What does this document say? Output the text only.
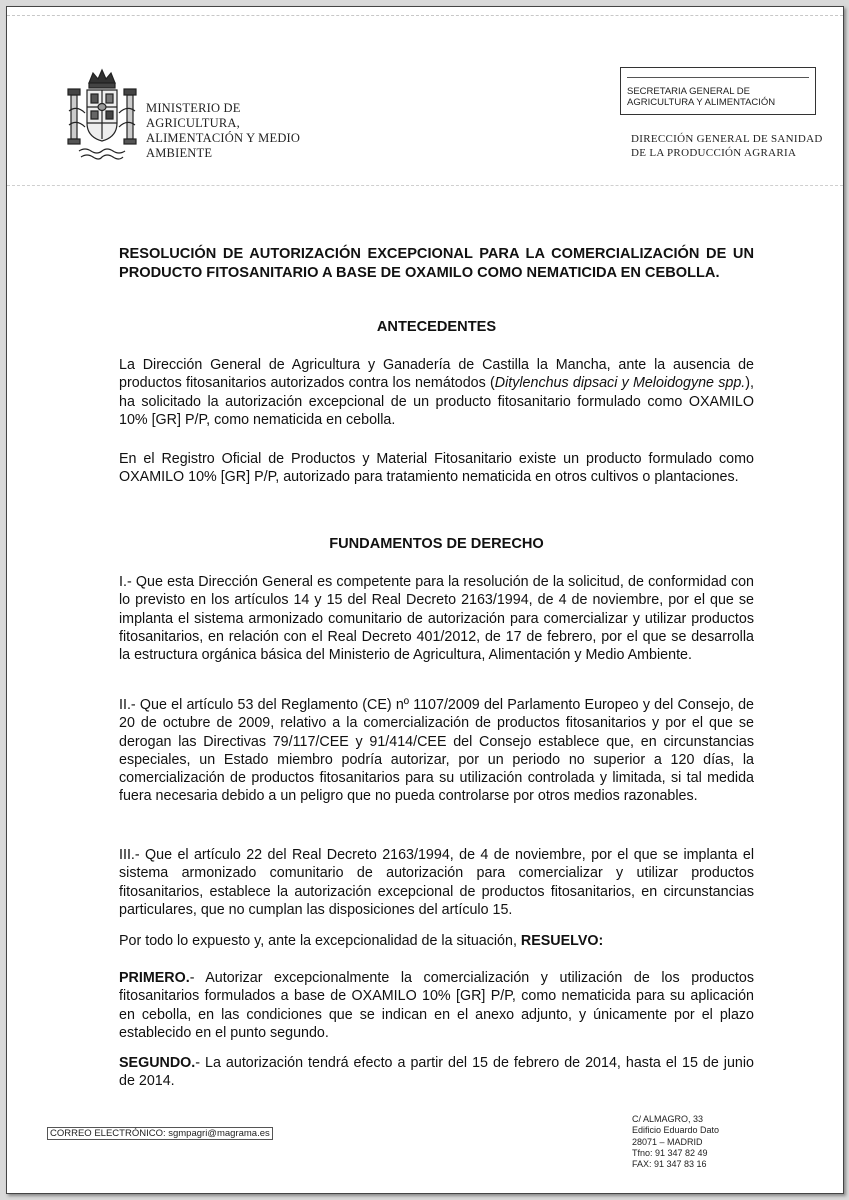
MINISTERIO DE
AGRICULTURA,
ALIMENTACIÓN Y MEDIO
AMBIENTE
SECRETARIA GENERAL DE
AGRICULTURA Y ALIMENTACIÓN
DIRECCIÓN GENERAL DE SANIDAD
DE LA PRODUCCIÓN AGRARIA
RESOLUCIÓN DE AUTORIZACIÓN EXCEPCIONAL PARA LA COMERCIALIZACIÓN DE UN PRODUCTO FITOSANITARIO A BASE DE OXAMILO COMO NEMATICIDA EN CEBOLLA.
ANTECEDENTES
La Dirección General de Agricultura y Ganadería de Castilla la Mancha, ante la ausencia de productos fitosanitarios autorizados contra los nemátodos (Ditylenchus dipsaci y Meloidogyne spp.), ha solicitado la autorización excepcional de un producto fitosanitario formulado como OXAMILO 10% [GR] P/P, como nematicida en cebolla.
En el Registro Oficial de Productos y Material Fitosanitario existe un producto formulado como OXAMILO 10% [GR] P/P, autorizado para tratamiento nematicida en otros cultivos o plantaciones.
FUNDAMENTOS DE DERECHO
I.- Que esta Dirección General es competente para la resolución de la solicitud, de conformidad con lo previsto en los artículos 14 y 15 del Real Decreto 2163/1994, de 4 de noviembre, por el que se implanta el sistema armonizado comunitario de autorización para comercializar y utilizar productos fitosanitarios, en relación con el Real Decreto 401/2012, de 17 de febrero, por el que se desarrolla la estructura orgánica básica del Ministerio de Agricultura, Alimentación y Medio Ambiente.
II.- Que el artículo 53 del Reglamento (CE) nº 1107/2009 del Parlamento Europeo y del Consejo, de 20 de octubre de 2009, relativo a la comercialización de productos fitosanitarios y por el que se derogan las Directivas 79/117/CEE y 91/414/CEE del Consejo establece que, en circunstancias especiales, un Estado miembro podría autorizar, por un periodo no superior a 120 días, la comercialización de productos fitosanitarios para su utilización controlada y limitada, si tal medida fuera necesaria debido a un peligro que no pueda controlarse por otros medios razonables.
III.- Que el artículo 22 del Real Decreto 2163/1994, de 4 de noviembre, por el que se implanta el sistema armonizado comunitario de autorización para comercializar y utilizar productos fitosanitarios, establece la autorización excepcional de productos fitosanitarios, en circunstancias particulares, que no cumplan las disposiciones del artículo 15.
Por todo lo expuesto y, ante la excepcionalidad de la situación, RESUELVO:
PRIMERO.- Autorizar excepcionalmente la comercialización y utilización de los productos fitosanitarios formulados a base de OXAMILO 10% [GR] P/P, como nematicida para su aplicación en cebolla, en las condiciones que se indican en el anexo adjunto, y únicamente por el plazo establecido en el punto segundo.
SEGUNDO.- La autorización tendrá efecto a partir del 15 de febrero de 2014, hasta el 15 de junio de 2014.
CORREO ELECTRÓNICO: sgmpagri@magrama.es
C/ ALMAGRO, 33
Edificio Eduardo Dato
28071 – MADRID
Tfno: 91 347 82 49
FAX: 91 347 83 16
